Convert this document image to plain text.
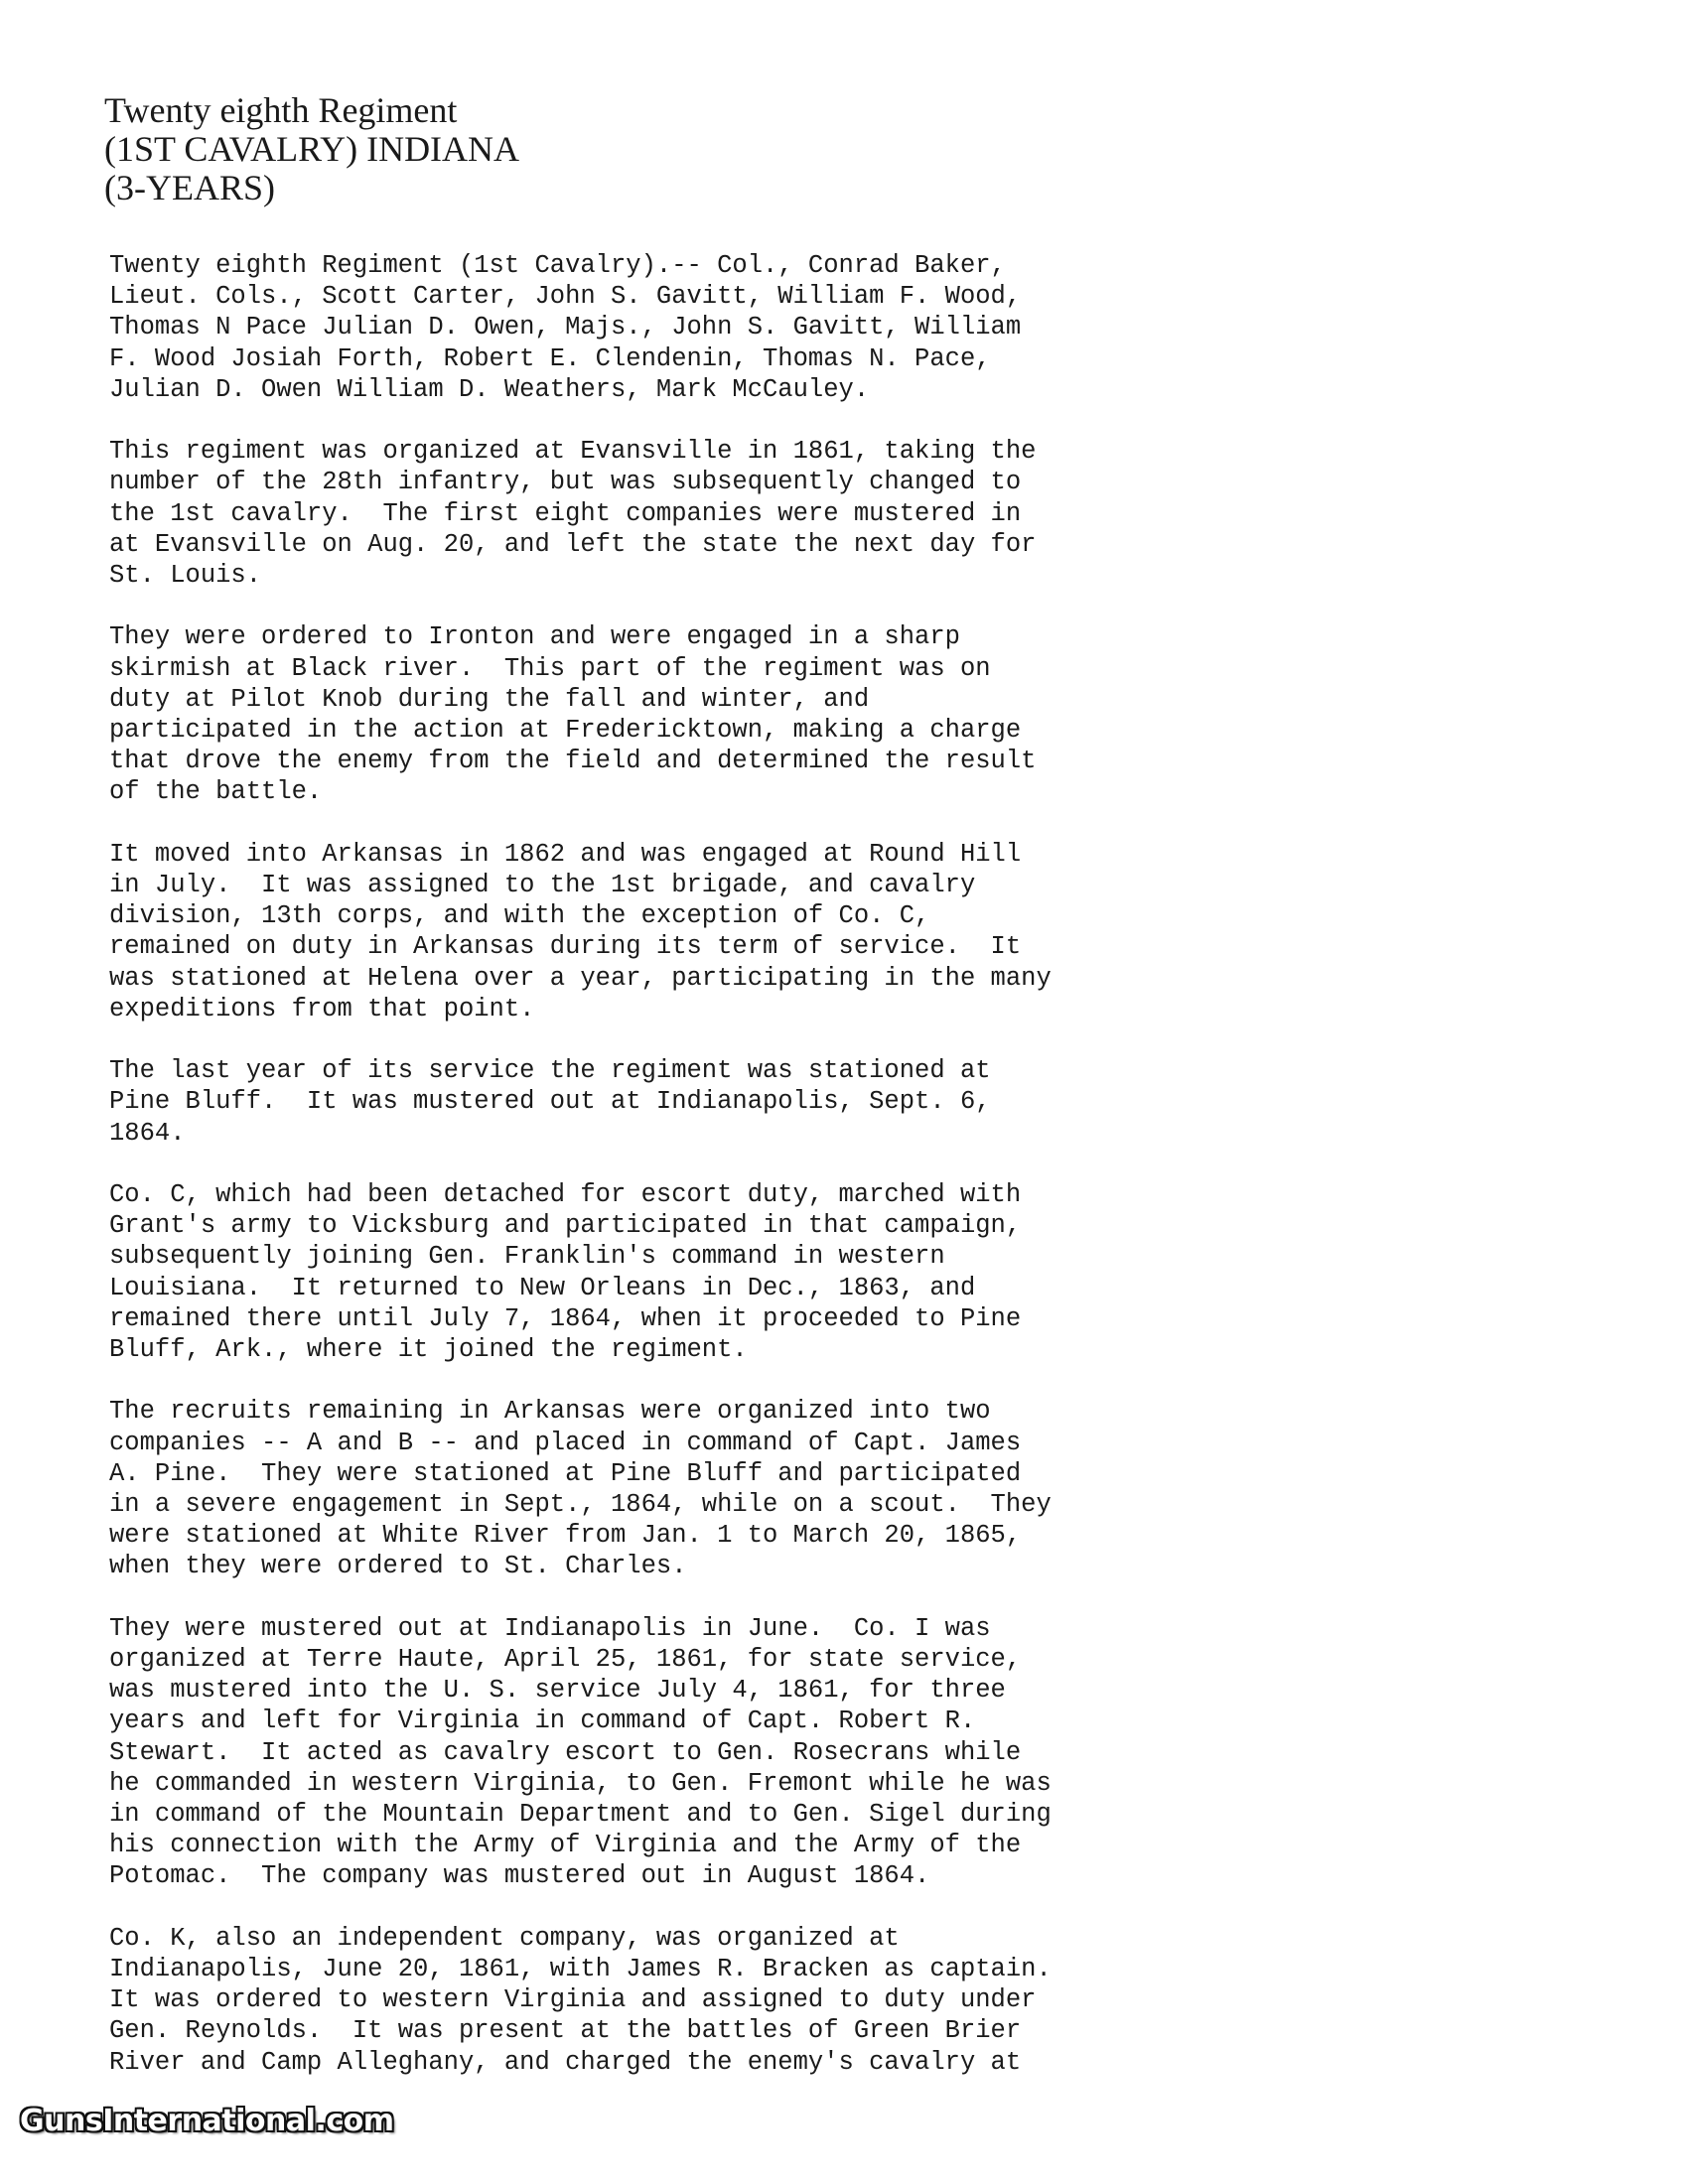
Twenty eighth Regiment
(1ST CAVALRY) INDIANA
(3-YEARS)
Twenty eighth Regiment (1st Cavalry).-- Col., Conrad Baker,
Lieut. Cols., Scott Carter, John S. Gavitt, William F. Wood,
Thomas N Pace Julian D. Owen, Majs., John S. Gavitt, William
F. Wood Josiah Forth, Robert E. Clendenin, Thomas N. Pace,
Julian D. Owen William D. Weathers, Mark McCauley.
This regiment was organized at Evansville in 1861, taking the
number of the 28th infantry, but was subsequently changed to
the 1st cavalry.  The first eight companies were mustered in
at Evansville on Aug. 20, and left the state the next day for
St. Louis.
They were ordered to Ironton and were engaged in a sharp
skirmish at Black river.  This part of the regiment was on
duty at Pilot Knob during the fall and winter, and
participated in the action at Fredericktown, making a charge
that drove the enemy from the field and determined the result
of the battle.
It moved into Arkansas in 1862 and was engaged at Round Hill
in July.  It was assigned to the 1st brigade, and cavalry
division, 13th corps, and with the exception of Co. C,
remained on duty in Arkansas during its term of service.  It
was stationed at Helena over a year, participating in the many
expeditions from that point.
The last year of its service the regiment was stationed at
Pine Bluff.  It was mustered out at Indianapolis, Sept. 6,
1864.
Co. C, which had been detached for escort duty, marched with
Grant's army to Vicksburg and participated in that campaign,
subsequently joining Gen. Franklin's command in western
Louisiana.  It returned to New Orleans in Dec., 1863, and
remained there until July 7, 1864, when it proceeded to Pine
Bluff, Ark., where it joined the regiment.
The recruits remaining in Arkansas were organized into two
companies -- A and B -- and placed in command of Capt. James
A. Pine.  They were stationed at Pine Bluff and participated
in a severe engagement in Sept., 1864, while on a scout.  They
were stationed at White River from Jan. 1 to March 20, 1865,
when they were ordered to St. Charles.
They were mustered out at Indianapolis in June.  Co. I was
organized at Terre Haute, April 25, 1861, for state service,
was mustered into the U. S. service July 4, 1861, for three
years and left for Virginia in command of Capt. Robert R.
Stewart.  It acted as cavalry escort to Gen. Rosecrans while
he commanded in western Virginia, to Gen. Fremont while he was
in command of the Mountain Department and to Gen. Sigel during
his connection with the Army of Virginia and the Army of the
Potomac.  The company was mustered out in August 1864.
Co. K, also an independent company, was organized at
Indianapolis, June 20, 1861, with James R. Bracken as captain.
It was ordered to western Virginia and assigned to duty under
Gen. Reynolds.  It was present at the battles of Green Brier
River and Camp Alleghany, and charged the enemy's cavalry at
GunsInternational.com
